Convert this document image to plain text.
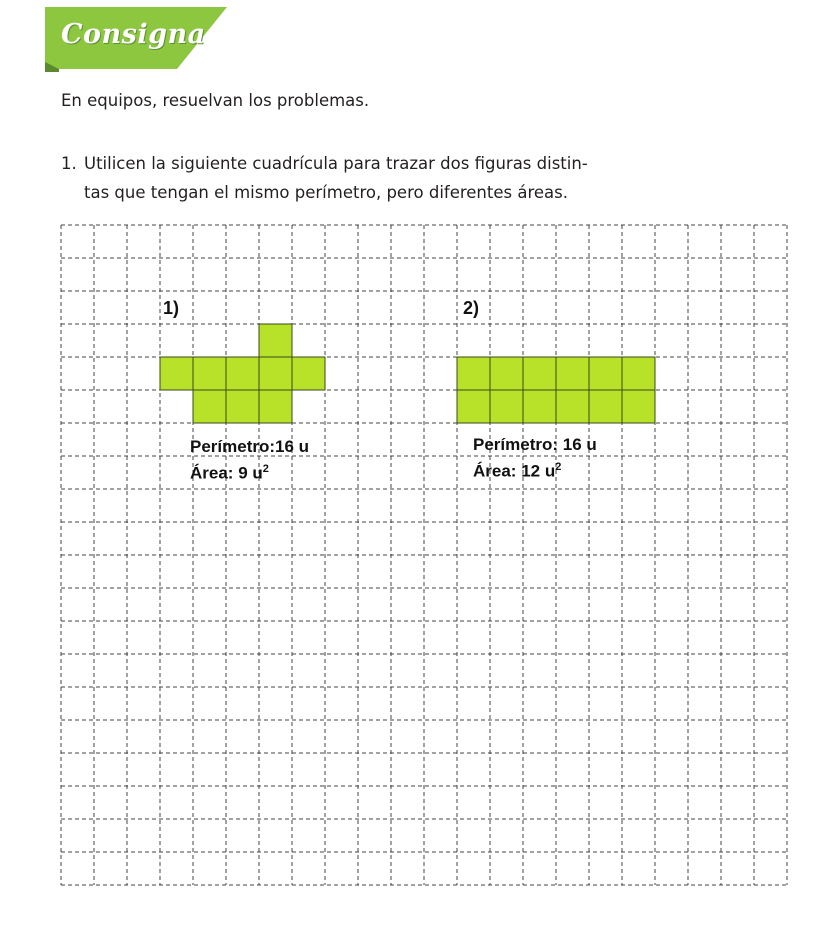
Consigna
En equipos, resuelvan los problemas.
1. Utilicen la siguiente cuadrícula para trazar dos figuras distin-
tas que tengan el mismo perímetro, pero diferentes áreas.
1)
Perímetro:16 u
Área: 9 $u^2$
2)
Perímetro: 16 u
Área: 12 $u^2$
